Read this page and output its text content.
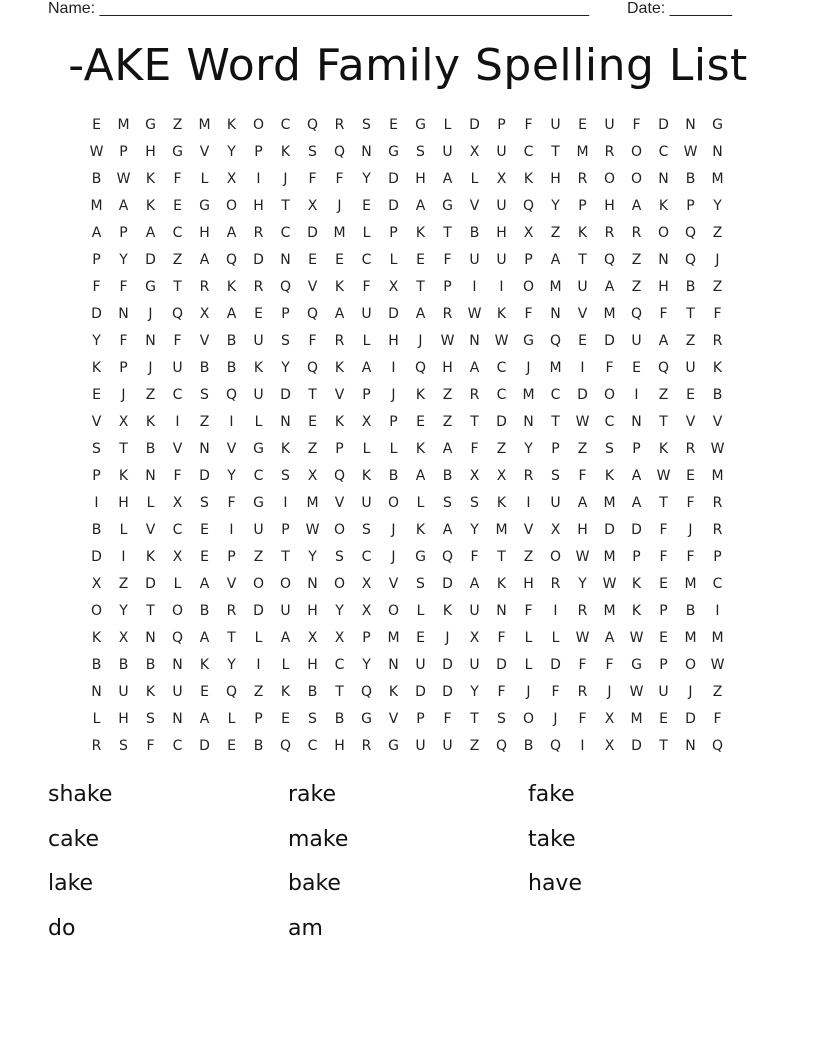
Name: _______________________________________________________ Date: _______
-AKE Word Family Spelling List
E	M	G	Z	M	K	O	C	Q	R	S	E	G	L	D	P	F	U	E	U	F	D	N	G
W	P	H	G	V	Y	P	K	S	Q	N	G	S	U	X	U	C	T	M	R	O	C	W	N
B	W	K	F	L	X	I	J	F	F	Y	D	H	A	L	X	K	H	R	O	O	N	B	M
M	A	K	E	G	O	H	T	X	J	E	D	A	G	V	U	Q	Y	P	H	A	K	P	Y
A	P	A	C	H	A	R	C	D	M	L	P	K	T	B	H	X	Z	K	R	R	O	Q	Z
P	Y	D	Z	A	Q	D	N	E	E	C	L	E	F	U	U	P	A	T	Q	Z	N	Q	J
F	F	G	T	R	K	R	Q	V	K	F	X	T	P	I	I	O	M	U	A	Z	H	B	Z
D	N	J	Q	X	A	E	P	Q	A	U	D	A	R	W	K	F	N	V	M	Q	F	T	F
Y	F	N	F	V	B	U	S	F	R	L	H	J	W	N	W	G	Q	E	D	U	A	Z	R
K	P	J	U	B	B	K	Y	Q	K	A	I	Q	H	A	C	J	M	I	F	E	Q	U	K
E	J	Z	C	S	Q	U	D	T	V	P	J	K	Z	R	C	M	C	D	O	I	Z	E	B
V	X	K	I	Z	I	L	N	E	K	X	P	E	Z	T	D	N	T	W	C	N	T	V	V
S	T	B	V	N	V	G	K	Z	P	L	L	K	A	F	Z	Y	P	Z	S	P	K	R	W
P	K	N	F	D	Y	C	S	X	Q	K	B	A	B	X	X	R	S	F	K	A	W	E	M
I	H	L	X	S	F	G	I	M	V	U	O	L	S	S	K	I	U	A	M	A	T	F	R
B	L	V	C	E	I	U	P	W	O	S	J	K	A	Y	M	V	X	H	D	D	F	J	R
D	I	K	X	E	P	Z	T	Y	S	C	J	G	Q	F	T	Z	O	W	M	P	F	F	P
X	Z	D	L	A	V	O	O	N	O	X	V	S	D	A	K	H	R	Y	W	K	E	M	C
O	Y	T	O	B	R	D	U	H	Y	X	O	L	K	U	N	F	I	R	M	K	P	B	I
K	X	N	Q	A	T	L	A	X	X	P	M	E	J	X	F	L	L	W	A	W	E	M	M
B	B	B	N	K	Y	I	L	H	C	Y	N	U	D	U	D	L	D	F	F	G	P	O	W
N	U	K	U	E	Q	Z	K	B	T	Q	K	D	D	Y	F	J	F	R	J	W	U	J	Z
L	H	S	N	A	L	P	E	S	B	G	V	P	F	T	S	O	J	F	X	M	E	D	F
R	S	F	C	D	E	B	Q	C	H	R	G	U	U	Z	Q	B	Q	I	X	D	T	N	Q
shake	rake	fake
cake	make	take
lake	bake	have
do	am
